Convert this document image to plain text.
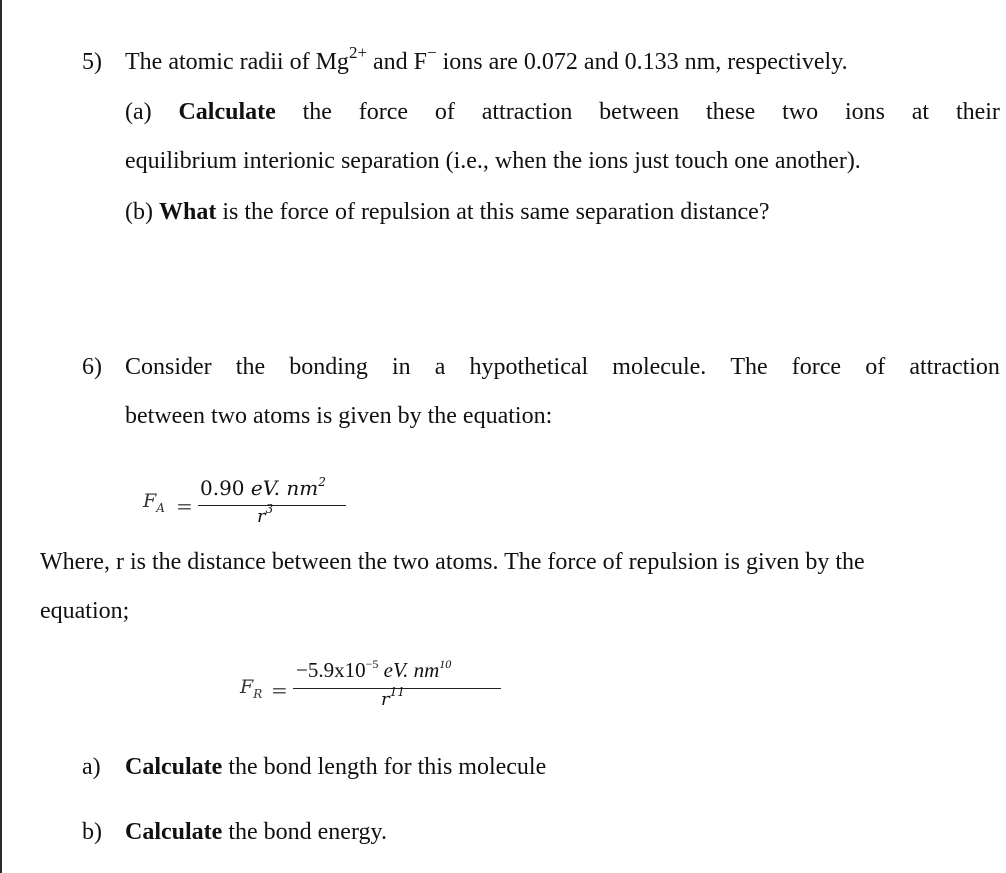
5) The atomic radii of $Mg^{2+}$ and F− ions are 0.072 and 0.133 nm, respectively.
(a) Calculate the force of attraction between these two ions at their
equilibrium interionic separation (i.e., when the ions just touch one another).
(b) What is the force of repulsion at this same separation distance?
6) Consider the bonding in a hypothetical molecule. The force of attraction
between two atoms is given by the equation:
$F_A$ =
0.90 eV. $nm^2$
$r^3$
Where, r is the distance between the two atoms. The force of repulsion is given by the
equation;
$F_R$ =
$-5.9x10^{-5}$ eV. $nm^{10}$
$r^{11}$
a) Calculate the bond length for this molecule
b) Calculate the bond energy.
